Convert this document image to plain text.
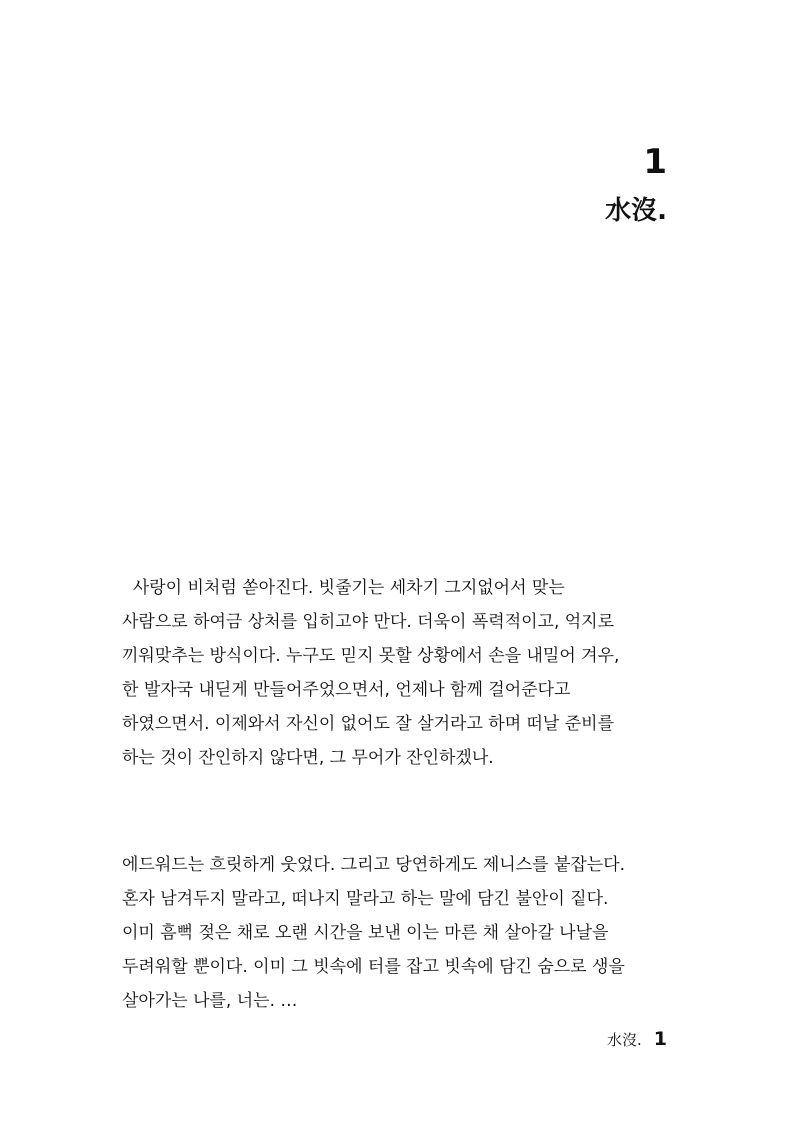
1
水沒.
사랑이 비처럼 쏟아진다. 빗줄기는 세차기 그지없어서 맞는
사람으로 하여금 상처를 입히고야 만다. 더욱이 폭력적이고, 억지로
끼워맞추는 방식이다. 누구도 믿지 못할 상황에서 손을 내밀어 겨우,
한 발자국 내딛게 만들어주었으면서, 언제나 함께 걸어준다고
하였으면서. 이제와서 자신이 없어도 잘 살거라고 하며 떠날 준비를
하는 것이 잔인하지 않다면, 그 무어가 잔인하겠나.
에드워드는 흐릿하게 웃었다. 그리고 당연하게도 제니스를 붙잡는다.
혼자 남겨두지 말라고, 떠나지 말라고 하는 말에 담긴 불안이 짙다.
이미 흠뻑 젖은 채로 오랜 시간을 보낸 이는 마른 채 살아갈 나날을
두려워할 뿐이다. 이미 그 빗속에 터를 잡고 빗속에 담긴 숨으로 생을
살아가는 나를, 너는. …
水沒. 1
